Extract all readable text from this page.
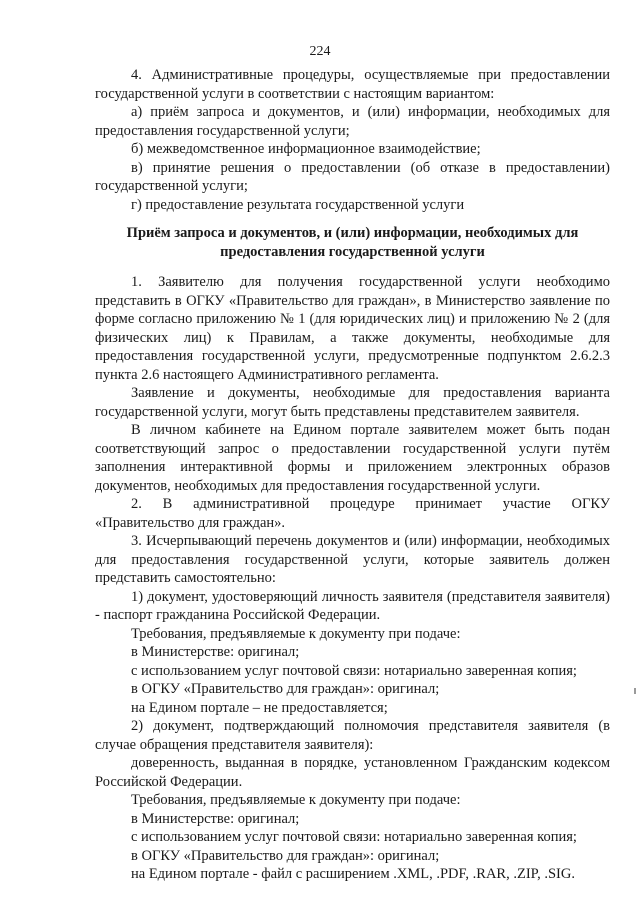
224

4. Административные процедуры, осуществляемые при предоставлении государственной услуги в соответствии с настоящим вариантом:

а) приём запроса и документов, и (или) информации, необходимых для предоставления государственной услуги;

б) межведомственное информационное взаимодействие;

в) принятие решения о предоставлении (об отказе в предоставлении) государственной услуги;

г) предоставление результата государственной услуги

Приём запроса и документов, и (или) информации, необходимых для предоставления государственной услуги

1. Заявителю для получения государственной услуги необходимо представить в ОГКУ «Правительство для граждан», в Министерство заявление по форме согласно приложению № 1 (для юридических лиц) и приложению № 2 (для физических лиц) к Правилам, а также документы, необходимые для предоставления государственной услуги, предусмотренные подпунктом 2.6.2.3 пункта 2.6 настоящего Административного регламента.

Заявление и документы, необходимые для предоставления варианта государственной услуги, могут быть представлены представителем заявителя.

В личном кабинете на Едином портале заявителем может быть подан соответствующий запрос о предоставлении государственной услуги путём заполнения интерактивной формы и приложением электронных образов документов, необходимых для предоставления государственной услуги.

2. В административной процедуре принимает участие ОГКУ «Правительство для граждан».

3. Исчерпывающий перечень документов и (или) информации, необходимых для предоставления государственной услуги, которые заявитель должен представить самостоятельно:

1) документ, удостоверяющий личность заявителя (представителя заявителя) - паспорт гражданина Российской Федерации.

Требования, предъявляемые к документу при подаче:

в Министерстве: оригинал;

с использованием услуг почтовой связи: нотариально заверенная копия;

в ОГКУ «Правительство для граждан»: оригинал;

на Едином портале – не предоставляется;

2) документ, подтверждающий полномочия представителя заявителя (в случае обращения представителя заявителя):

доверенность, выданная в порядке, установленном Гражданским кодексом Российской Федерации.

Требования, предъявляемые к документу при подаче:

в Министерстве: оригинал;

с использованием услуг почтовой связи: нотариально заверенная копия;

в ОГКУ «Правительство для граждан»: оригинал;

на Едином портале - файл с расширением .XML, .PDF, .RAR, .ZIP, .SIG.
